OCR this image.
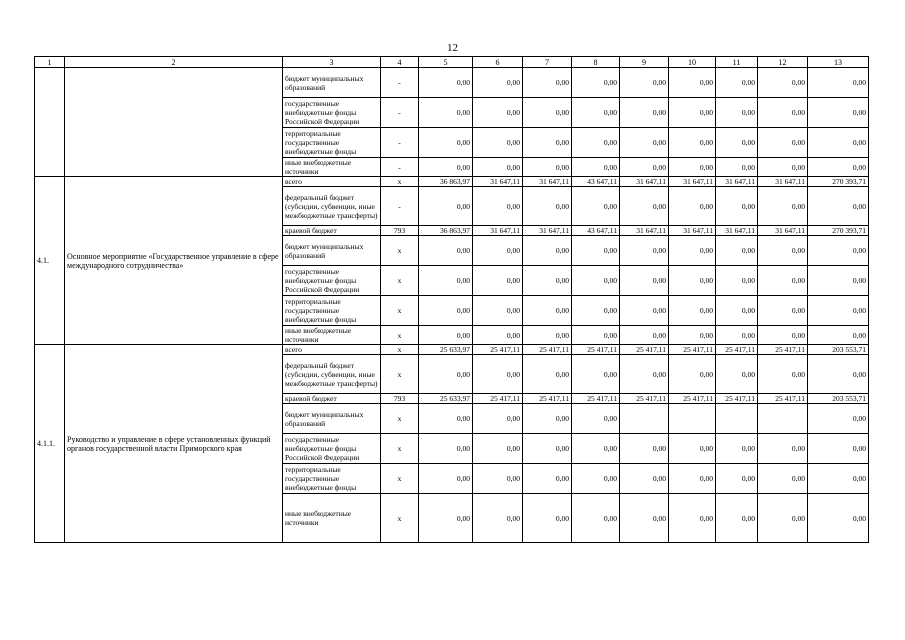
12
1	2	3	4	5	6	7	8	9	10	11	12	13
		бюджет муниципальных образований	-	0,00	0,00	0,00	0,00	0,00	0,00	0,00	0,00	0,00
		государственные внебюджетные фонды Российской Федерации	-	0,00	0,00	0,00	0,00	0,00	0,00	0,00	0,00	0,00
		территориальные государственные внебюджетные фонды	-	0,00	0,00	0,00	0,00	0,00	0,00	0,00	0,00	0,00
		иные внебюджетные источники	-	0,00	0,00	0,00	0,00	0,00	0,00	0,00	0,00	0,00
4.1.	Основное мероприятие «Государственное управление в сфере международного сотрудничества»	всего	x	36 863,97	31 647,11	31 647,11	43 647,11	31 647,11	31 647,11	31 647,11	31 647,11	270 393,71
		федеральный бюджет (субсидии, субвенции, иные межбюджетные трансферты)	-	0,00	0,00	0,00	0,00	0,00	0,00	0,00	0,00	0,00
		краевой бюджет	793	36 863,97	31 647,11	31 647,11	43 647,11	31 647,11	31 647,11	31 647,11	31 647,11	270 393,71
		бюджет муниципальных образований	x	0,00	0,00	0,00	0,00	0,00	0,00	0,00	0,00	0,00
		государственные внебюджетные фонды Российской Федерации	x	0,00	0,00	0,00	0,00	0,00	0,00	0,00	0,00	0,00
		территориальные государственные внебюджетные фонды	x	0,00	0,00	0,00	0,00	0,00	0,00	0,00	0,00	0,00
		иные внебюджетные источники	x	0,00	0,00	0,00	0,00	0,00	0,00	0,00	0,00	0,00
4.1.1.	Руководство и управление в сфере установленных функций органов государственной власти Приморского края	всего	x	25 633,97	25 417,11	25 417,11	25 417,11	25 417,11	25 417,11	25 417,11	25 417,11	203 553,71
		федеральный бюджет (субсидии, субвенции, иные межбюджетные трансферты)	x	0,00	0,00	0,00	0,00	0,00	0,00	0,00	0,00	0,00
		краевой бюджет	793	25 633,97	25 417,11	25 417,11	25 417,11	25 417,11	25 417,11	25 417,11	25 417,11	203 553,71
		бюджет муниципальных образований	x	0,00	0,00	0,00	0,00					0,00
		государственные внебюджетные фонды Российской Федерации	x	0,00	0,00	0,00	0,00	0,00	0,00	0,00	0,00	0,00
		территориальные государственные внебюджетные фонды	x	0,00	0,00	0,00	0,00	0,00	0,00	0,00	0,00	0,00
		иные внебюджетные источники	x	0,00	0,00	0,00	0,00	0,00	0,00	0,00	0,00	0,00
